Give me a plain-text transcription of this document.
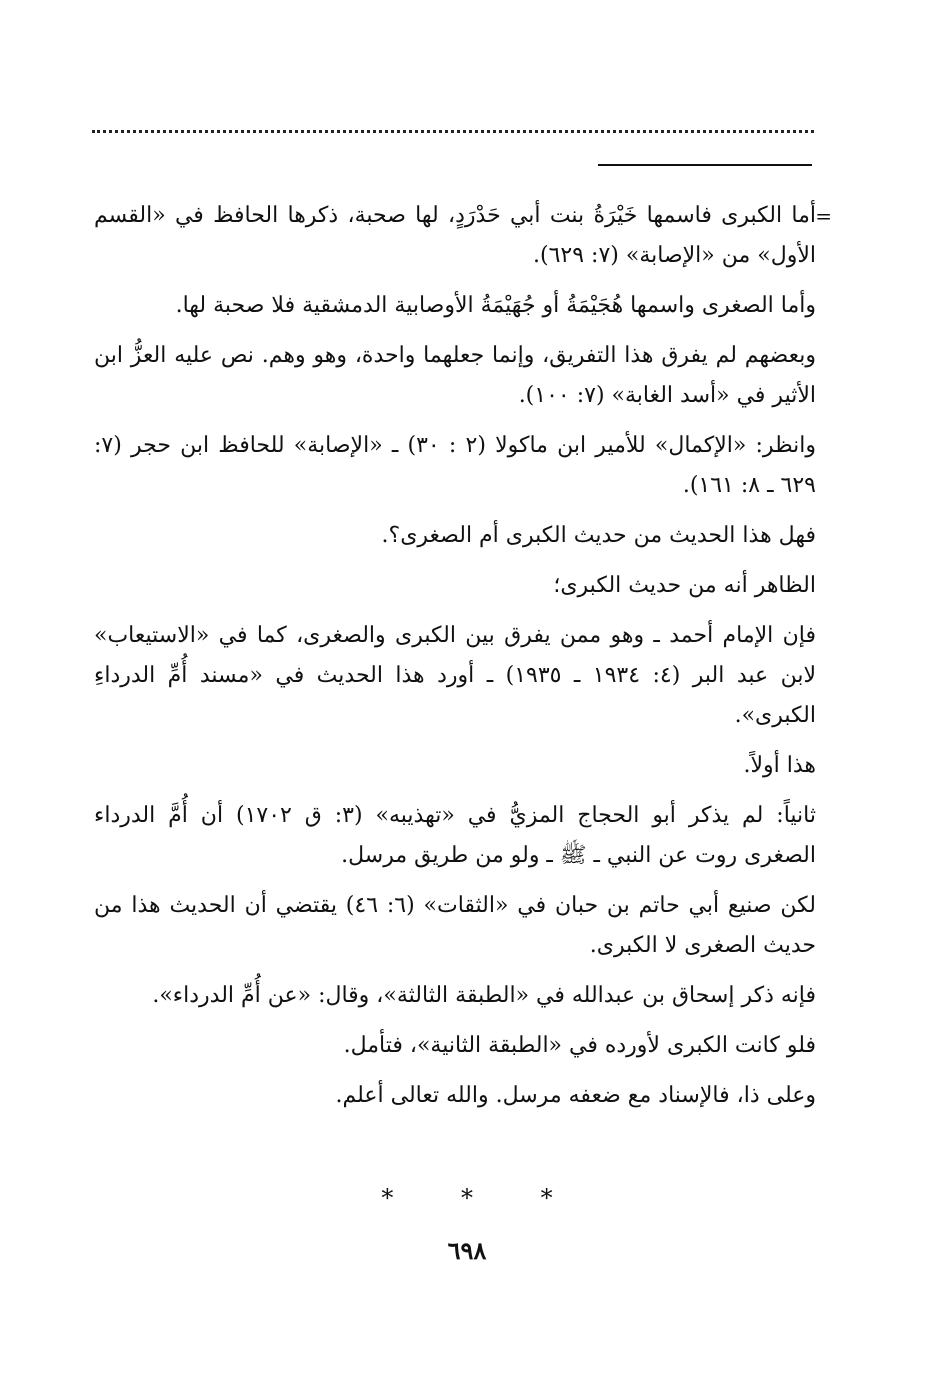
=

أما الكبرى فاسمها خَيْرَةُ بنت أبي حَدْرَدٍ، لها صحبة، ذكرها الحافظ في «القسم الأول» من «الإصابة» (٧: ٦٢٩).

وأما الصغرى واسمها هُجَيْمَةُ أو جُهَيْمَةُ الأوصابية الدمشقية فلا صحبة لها.

وبعضهم لم يفرق هذا التفريق، وإنما جعلهما واحدة، وهو وهم. نص عليه العزُّ ابن الأثير في «أسد الغابة» (٧: ١٠٠).

وانظر: «الإكمال» للأمير ابن ماكولا (٢ : ٣٠) ـ «الإصابة» للحافظ ابن حجر (٧: ٦٢٩ ـ ٨: ١٦١).

فهل هذا الحديث من حديث الكبرى أم الصغرى؟.

الظاهر أنه من حديث الكبرى؛

فإن الإمام أحمد ـ وهو ممن يفرق بين الكبرى والصغرى، كما في «الاستيعاب» لابن عبد البر (٤: ١٩٣٤ ـ ١٩٣٥) ـ أورد هذا الحديث في «مسند أُمِّ الدرداءِ الكبرى».

هذا أولاً.

ثانياً: لم يذكر أبو الحجاج المزيُّ في «تهذيبه» (٣: ق ١٧٠٢) أن أُمَّ الدرداء الصغرى روت عن النبي ـ ﷺ ـ ولو من طريق مرسل.

لكن صنيع أبي حاتم بن حبان في «الثقات» (٦: ٤٦) يقتضي أن الحديث هذا من حديث الصغرى لا الكبرى.

فإنه ذكر إسحاق بن عبدالله في «الطبقة الثالثة»، وقال: «عن أُمِّ الدرداء».

فلو كانت الكبرى لأورده في «الطبقة الثانية»، فتأمل.

وعلى ذا، فالإسناد مع ضعفه مرسل. والله تعالى أعلم.

*	*	*
٦٩٨
